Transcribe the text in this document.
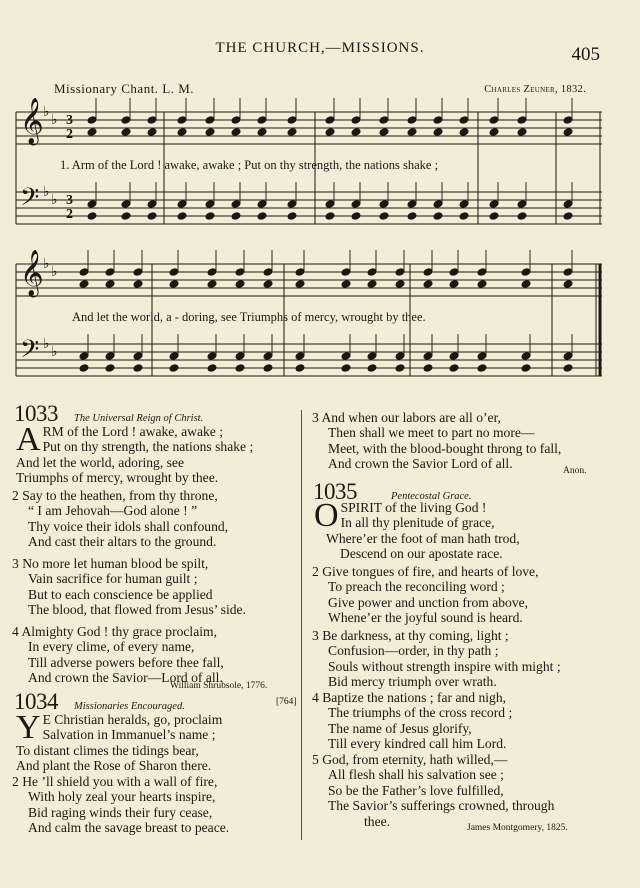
THE CHURCH,—MISSIONS.	405
Missionary Chant. L. M.	Charles Zeuner, 1832.
𝄞
𝄢
𝄞
𝄢
♭ ♭
♭ ♭
♭ ♭
♭ ♭
3
2
3
2
1. Arm of the Lord ! awake, awake ; Put on thy strength, the nations shake ;
And let the world, a - doring, see Triumphs of mercy, wrought by thee.
1033 The Universal Reign of Christ.
A RM of the Lord ! awake, awake ;
Put on thy strength, the nations shake ;
And let the world, adoring, see
Triumphs of mercy, wrought by thee.
2 Say to the heathen, from thy throne,
“ I am Jehovah—God alone ! ”
Thy voice their idols shall confound,
And cast their altars to the ground.
3 No more let human blood be spilt,
Vain sacrifice for human guilt ;
But to each conscience be applied
The blood, that flowed from Jesus’ side.
4 Almighty God ! thy grace proclaim,
In every clime, of every name,
Till adverse powers before thee fall,
And crown the Savior—Lord of all.
William Shrubsole, 1776.
1034 Missionaries Encouraged.	[764]
Y E Christian heralds, go, proclaim
Salvation in Immanuel’s name ;
To distant climes the tidings bear,
And plant the Rose of Sharon there.
2 He ’ll shield you with a wall of fire,
With holy zeal your hearts inspire,
Bid raging winds their fury cease,
And calm the savage breast to peace.
3 And when our labors are all o’er,
Then shall we meet to part no more—
Meet, with the blood-bought throng to fall,
And crown the Savior Lord of all.	Anon.
1035	Pentecostal Grace.
O SPIRIT of the living God !
In all thy plenitude of grace,
Where’er the foot of man hath trod,
Descend on our apostate race.
2 Give tongues of fire, and hearts of love,
To preach the reconciling word ;
Give power and unction from above,
Whene’er the joyful sound is heard.
3 Be darkness, at thy coming, light ;
Confusion—order, in thy path ;
Souls without strength inspire with might ;
Bid mercy triumph over wrath.
4 Baptize the nations ; far and nigh,
The triumphs of the cross record ;
The name of Jesus glorify,
Till every kindred call him Lord.
5 God, from eternity, hath willed,—
All flesh shall his salvation see ;
So be the Father’s love fulfilled,
The Savior’s sufferings crowned, through
thee.	James Montgomery, 1825.
